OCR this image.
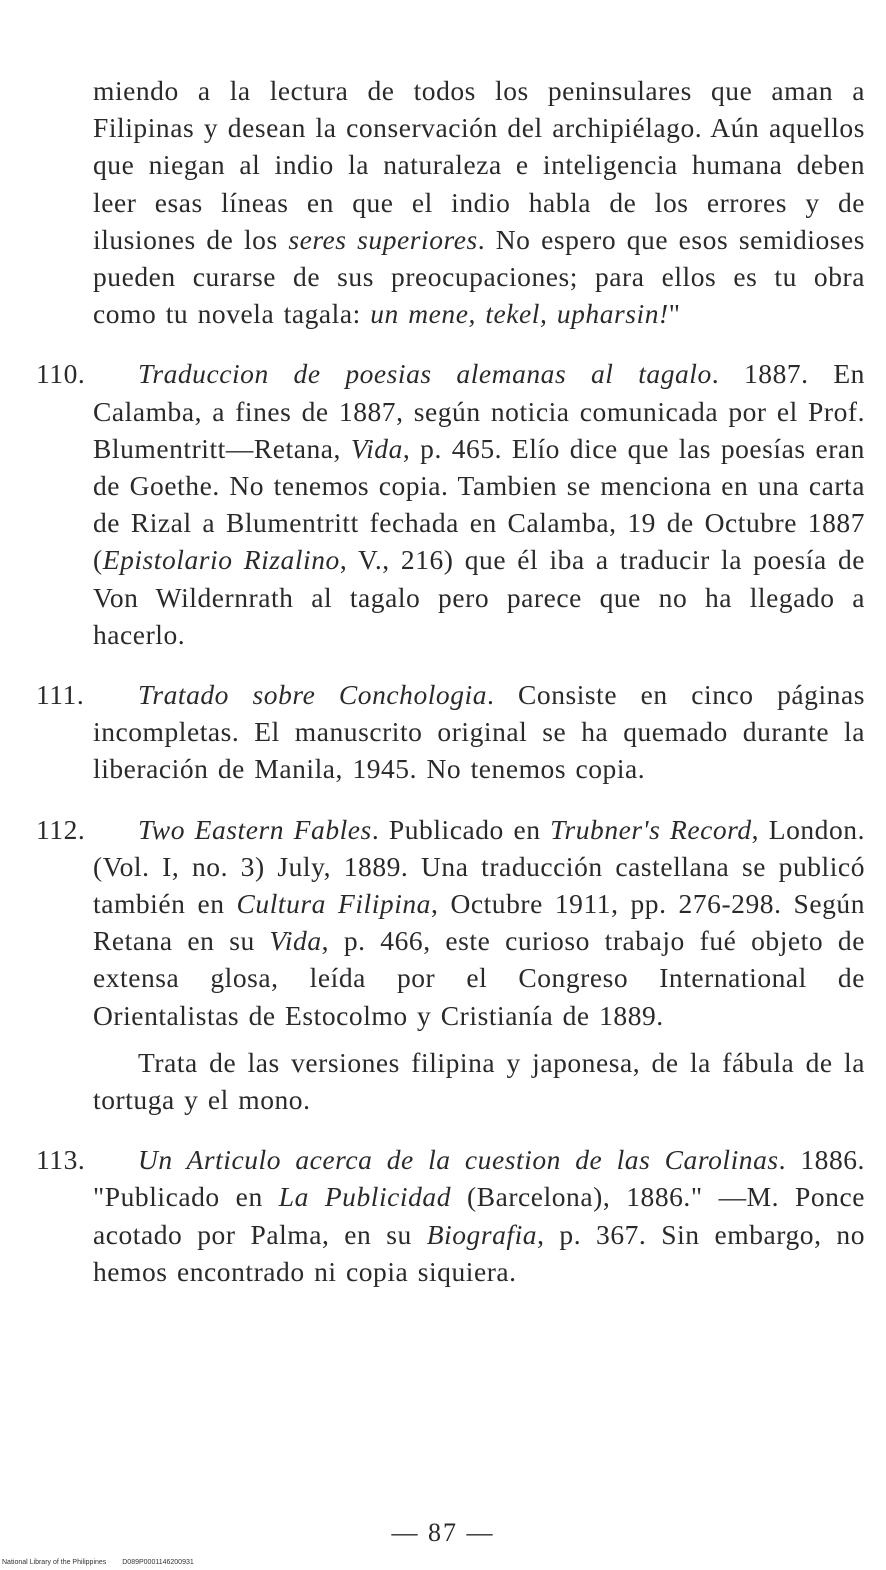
miendo a la lectura de todos los peninsulares que aman a Filipinas y desean la conservación del archipiélago. Aún aquellos que niegan al indio la naturaleza e inteligencia humana deben leer esas líneas en que el indio habla de los errores y de ilusiones de los seres superiores. No espero que esos semidioses pueden curarse de sus preocupaciones; para ellos es tu obra como tu novela tagala: un mene, tekel, upharsin!"

110. Traduccion de poesias alemanas al tagalo. 1887. En Calamba, a fines de 1887, según noticia comunicada por el Prof. Blumentritt—Retana, Vida, p. 465. Elío dice que las poesías eran de Goethe. No tenemos copia. Tambien se menciona en una carta de Rizal a Blumentritt fechada en Calamba, 19 de Octubre 1887 (Epistolario Rizalino, V., 216) que él iba a traducir la poesía de Von Wildernrath al tagalo pero parece que no ha llegado a hacerlo.

111. Tratado sobre Conchologia. Consiste en cinco páginas incompletas. El manuscrito original se ha quemado durante la liberación de Manila, 1945. No tenemos copia.

112. Two Eastern Fables. Publicado en Trubner's Record, London. (Vol. I, no. 3) July, 1889. Una traducción castellana se publicó también en Cultura Filipina, Octubre 1911, pp. 276-298. Según Retana en su Vida, p. 466, este curioso trabajo fué objeto de extensa glosa, leída por el Congreso International de Orientalistas de Estocolmo y Cristianía de 1889.

Trata de las versiones filipina y japonesa, de la fábula de la tortuga y el mono.

113. Un Articulo acerca de la cuestion de las Carolinas. 1886. "Publicado en La Publicidad (Barcelona), 1886." —M. Ponce acotado por Palma, en su Biografia, p. 367. Sin embargo, no hemos encontrado ni copia siquiera.

— 87 —
National Library of the Philippines D089P0001146200931
